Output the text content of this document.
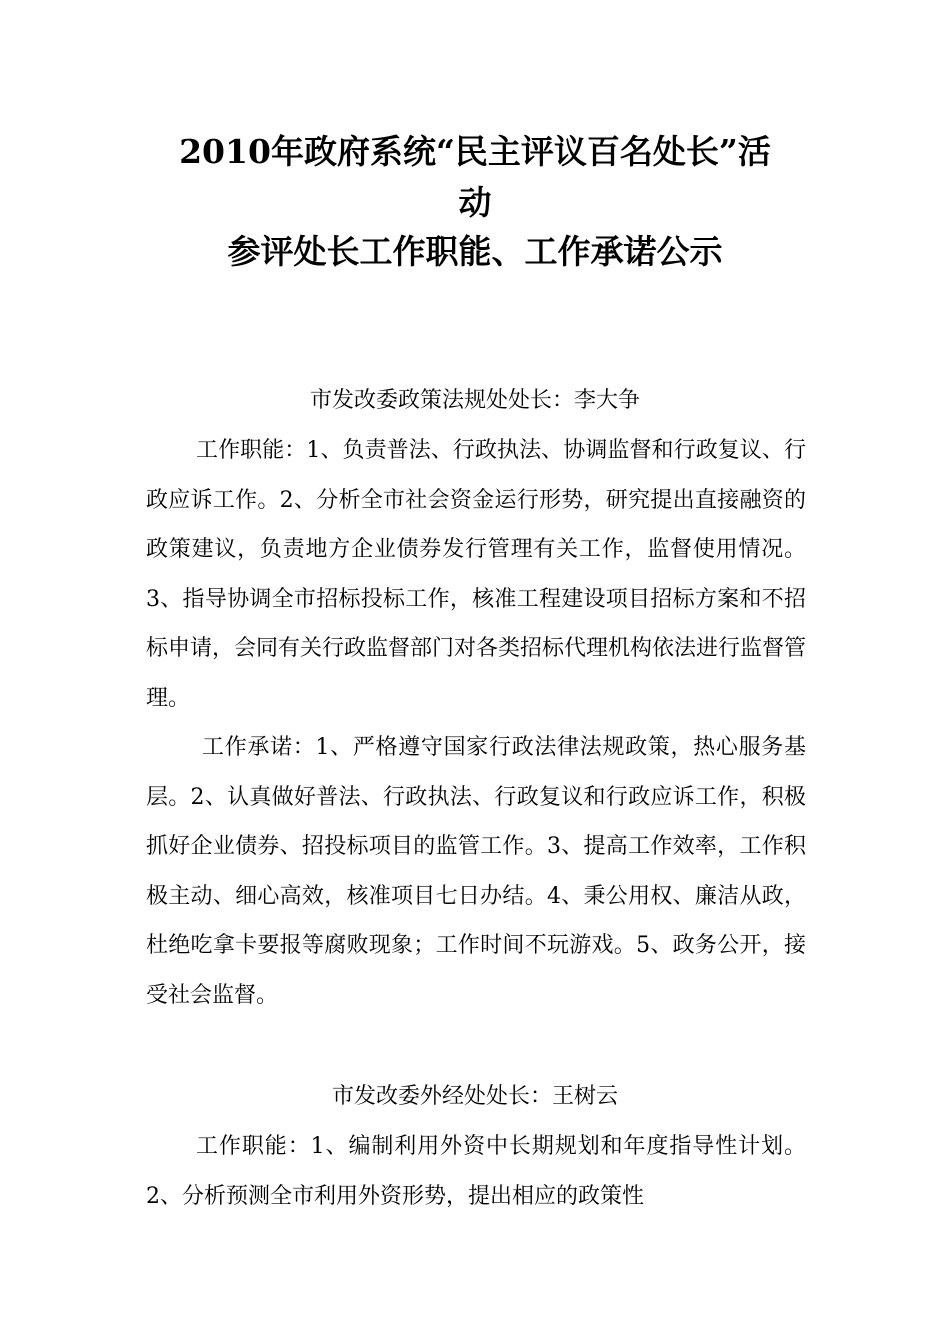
2010年政府系统“民主评议百名处长”活
动
参评处长工作职能、工作承诺公示
市发改委政策法规处处长：李大争

工作职能：1、负责普法、行政执法、协调监督和行政复议、行政应诉工作。2、分析全市社会资金运行形势，研究提出直接融资的政策建议，负责地方企业债券发行管理有关工作，监督使用情况。3、指导协调全市招标投标工作，核准工程建设项目招标方案和不招标申请，会同有关行政监督部门对各类招标代理机构依法进行监督管理。

工作承诺：1、严格遵守国家行政法律法规政策，热心服务基层。2、认真做好普法、行政执法、行政复议和行政应诉工作，积极抓好企业债券、招投标项目的监管工作。3、提高工作效率，工作积极主动、细心高效，核准项目七日办结。4、秉公用权、廉洁从政，杜绝吃拿卡要报等腐败现象；工作时间不玩游戏。5、政务公开，接受社会监督。

市发改委外经处处长：王树云

工作职能：1、编制利用外资中长期规划和年度指导性计划。2、分析预测全市利用外资形势，提出相应的政策性
